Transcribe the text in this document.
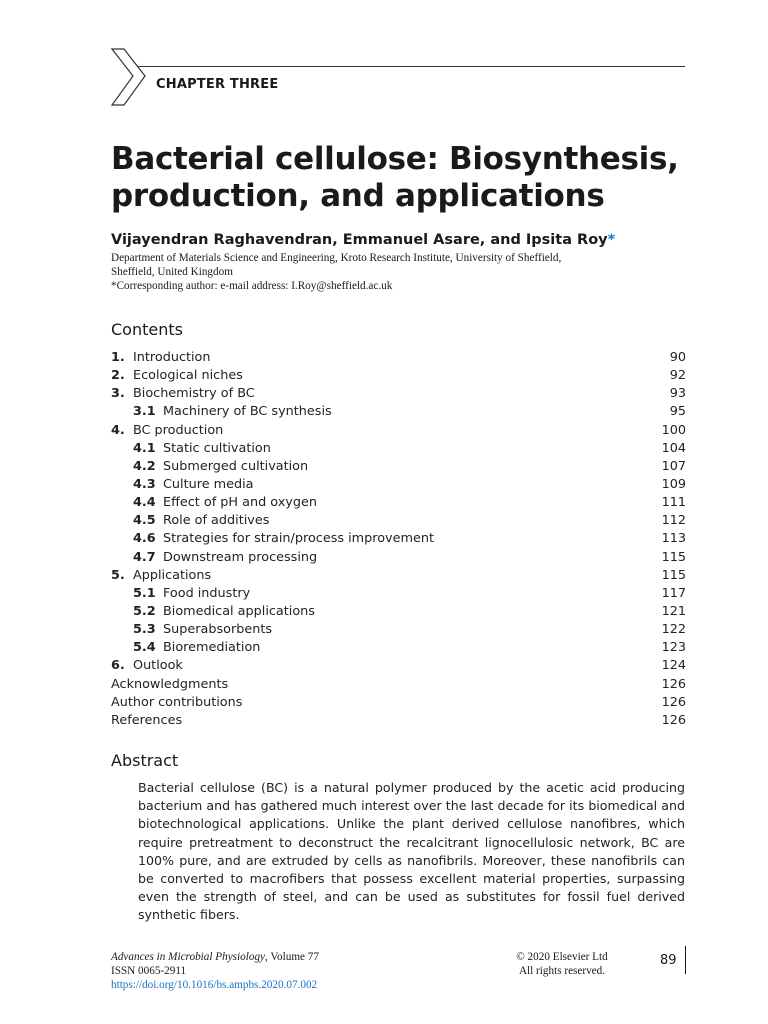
CHAPTER THREE
Bacterial cellulose: Biosynthesis, production, and applications
Vijayendran Raghavendran, Emmanuel Asare, and Ipsita Roy*
Department of Materials Science and Engineering, Kroto Research Institute, University of Sheffield,
Sheffield, United Kingdom
*Corresponding author: e-mail address: I.Roy@sheffield.ac.uk
Contents
1. Introduction	90
2. Ecological niches	92
3. Biochemistry of BC	93
3.1 Machinery of BC synthesis	95
4. BC production	100
4.1 Static cultivation	104
4.2 Submerged cultivation	107
4.3 Culture media	109
4.4 Effect of pH and oxygen	111
4.5 Role of additives	112
4.6 Strategies for strain/process improvement	113
4.7 Downstream processing	115
5. Applications	115
5.1 Food industry	117
5.2 Biomedical applications	121
5.3 Superabsorbents	122
5.4 Bioremediation	123
6. Outlook	124
Acknowledgments	126
Author contributions	126
References	126
Abstract

Bacterial cellulose (BC) is a natural polymer produced by the acetic acid producing bacterium and has gathered much interest over the last decade for its biomedical and biotechnological applications. Unlike the plant derived cellulose nanofibres, which require pretreatment to deconstruct the recalcitrant lignocellulosic network, BC are 100% pure, and are extruded by cells as nanofibrils. Moreover, these nanofibrils can be converted to macrofibers that possess excellent material properties, surpassing even the strength of steel, and can be used as substitutes for fossil fuel derived synthetic fibers.

Advances in Microbial Physiology, Volume 77
ISSN 0065-2911
https://doi.org/10.1016/bs.ampbs.2020.07.002
© 2020 Elsevier Ltd
All rights reserved.
89
